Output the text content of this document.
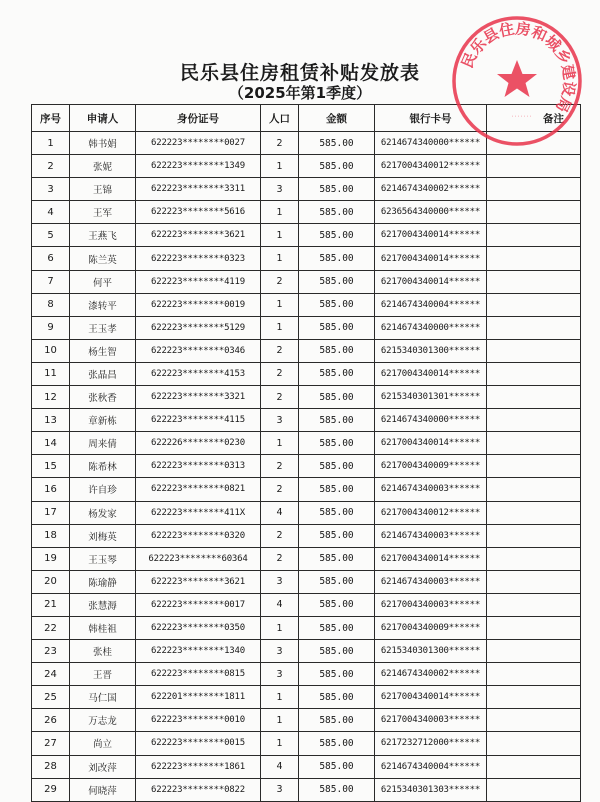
民乐县住房租赁补贴发放表
（2025年第1季度）
序号	申请人	身份证号	人口	金额	银行卡号	备注
1	韩书娟	622223********0027	2	585.00	6214674340000******	
2	张妮	622223********1349	1	585.00	6217004340012******	
3	王锦	622223********3311	3	585.00	6214674340002******	
4	王军	622223********5616	1	585.00	6236564340000******	
5	王燕飞	622223********3621	1	585.00	6217004340014******	
6	陈兰英	622223********0323	1	585.00	6217004340014******	
7	何平	622223********4119	2	585.00	6217004340014******	
8	漆转平	622223********0019	1	585.00	6214674340004******	
9	王玉孝	622223********5129	1	585.00	6214674340000******	
10	杨生智	622223********0346	2	585.00	6215340301300******	
11	张晶昌	622223********4153	2	585.00	6217004340014******	
12	张秋香	622223********3321	2	585.00	6215340301301******	
13	章新栋	622223********4115	3	585.00	6214674340000******	
14	周来倩	622226********0230	1	585.00	6217004340014******	
15	陈希林	622223********0313	2	585.00	6217004340009******	
16	许自珍	622223********0821	2	585.00	6214674340003******	
17	杨发家	622223********411X	4	585.00	6217004340012******	
18	刘梅英	622223********0320	2	585.00	6214674340003******	
19	王玉琴	622223********60364	2	585.00	6217004340014******	
20	陈瑜静	622223********3621	3	585.00	6214674340003******	
21	张慧溽	622223********0017	4	585.00	6217004340003******	
22	韩桂祖	622223********0350	1	585.00	6217004340009******	
23	张桂	622223********1340	3	585.00	6215340301300******	
24	王晋	622223********0815	3	585.00	6214674340002******	
25	马仁国	622201********1811	1	585.00	6217004340014******	
26	万志龙	622223********0010	1	585.00	6217004340003******	
27	尚立	622223********0015	1	585.00	6217232712000******	
28	刘改萍	622223********1861	4	585.00	6214674340004******	
29	何晓萍	622223********0822	3	585.00	6215340301303******	
民乐县住房和城乡建设局
·······
